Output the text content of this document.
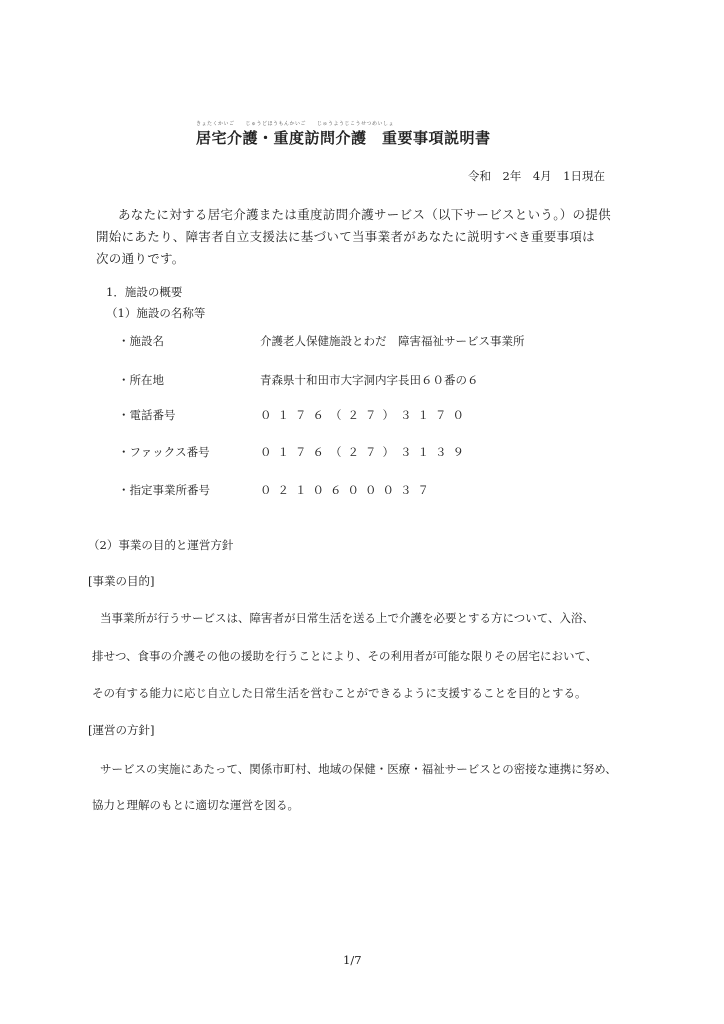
きょたくかいご　　じゅうどほうもんかいご　　じゅうようじこうせつめいしょ
居宅介護・重度訪問介護　重要事項説明書
令和　2年　4月　1日現在
あなたに対する居宅介護または重度訪問介護サービス（以下サービスという。）の提供
開始にあたり、障害者自立支援法に基づいて当事業者があなたに説明すべき重要事項は
次の通りです。
1．施設の概要
（1）施設の名称等
・施設名	介護老人保健施設とわだ　障害福祉サービス事業所
・所在地	青森県十和田市大字洞内字長田６０番の６
・電話番号	０１７６（２７）３１７０
・ファックス番号	０１７６（２７）３１３９
・指定事業所番号	０２１０６０００３７
（2）事業の目的と運営方針
[事業の目的]
当事業所が行うサービスは、障害者が日常生活を送る上で介護を必要とする方について、入浴、
排せつ、食事の介護その他の援助を行うことにより、その利用者が可能な限りその居宅において、
その有する能力に応じ自立した日常生活を営むことができるように支援することを目的とする。
[運営の方針]
サービスの実施にあたって、関係市町村、地域の保健・医療・福祉サービスとの密接な連携に努め、
協力と理解のもとに適切な運営を図る。
1/7
